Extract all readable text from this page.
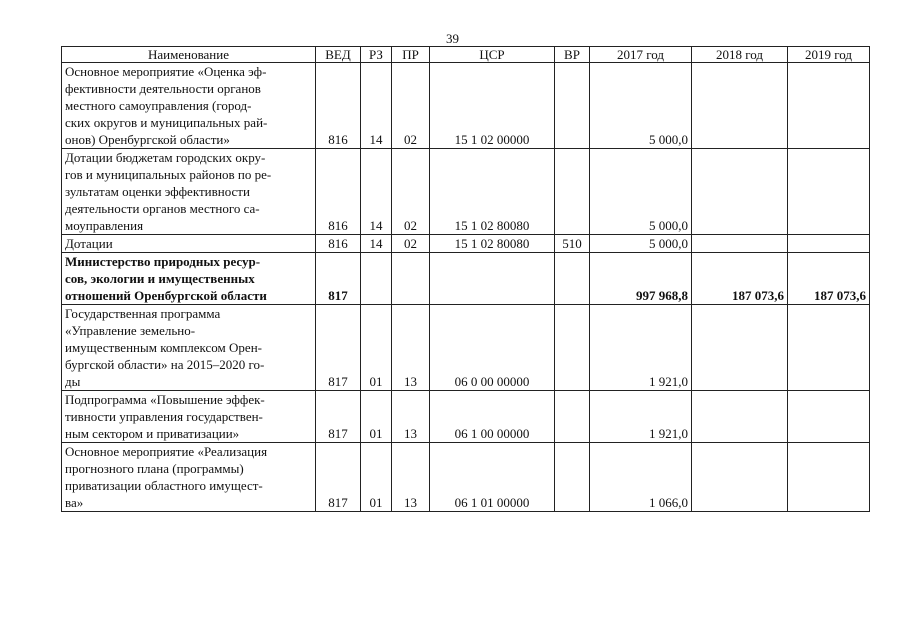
39
Наименование	ВЕД	РЗ	ПР	ЦСР	ВР	2017 год	2018 год	2019 год
Основное мероприятие «Оценка эф-
фективности деятельности органов
местного самоуправления (город-
ских округов и муниципальных рай-
онов) Оренбургской области»	816	14	02	15 1 02 00000		5 000,0		
Дотации бюджетам городских окру-
гов и муниципальных районов по ре-
зультатам оценки эффективности
деятельности органов местного са-
моуправления	816	14	02	15 1 02 80080		5 000,0		
Дотации	816	14	02	15 1 02 80080	510	5 000,0		
Министерство природных ресур-
сов, экологии и имущественных
отношений Оренбургской области	817					997 968,8	187 073,6	187 073,6
Государственная программа
«Управление земельно-
имущественным комплексом Орен-
бургской области» на 2015–2020 го-
ды	817	01	13	06 0 00 00000		1 921,0		
Подпрограмма «Повышение эффек-
тивности управления государствен-
ным сектором и приватизации»	817	01	13	06 1 00 00000		1 921,0		
Основное мероприятие «Реализация
прогнозного плана (программы)
приватизации областного имущест-
ва»	817	01	13	06 1 01 00000		1 066,0		
